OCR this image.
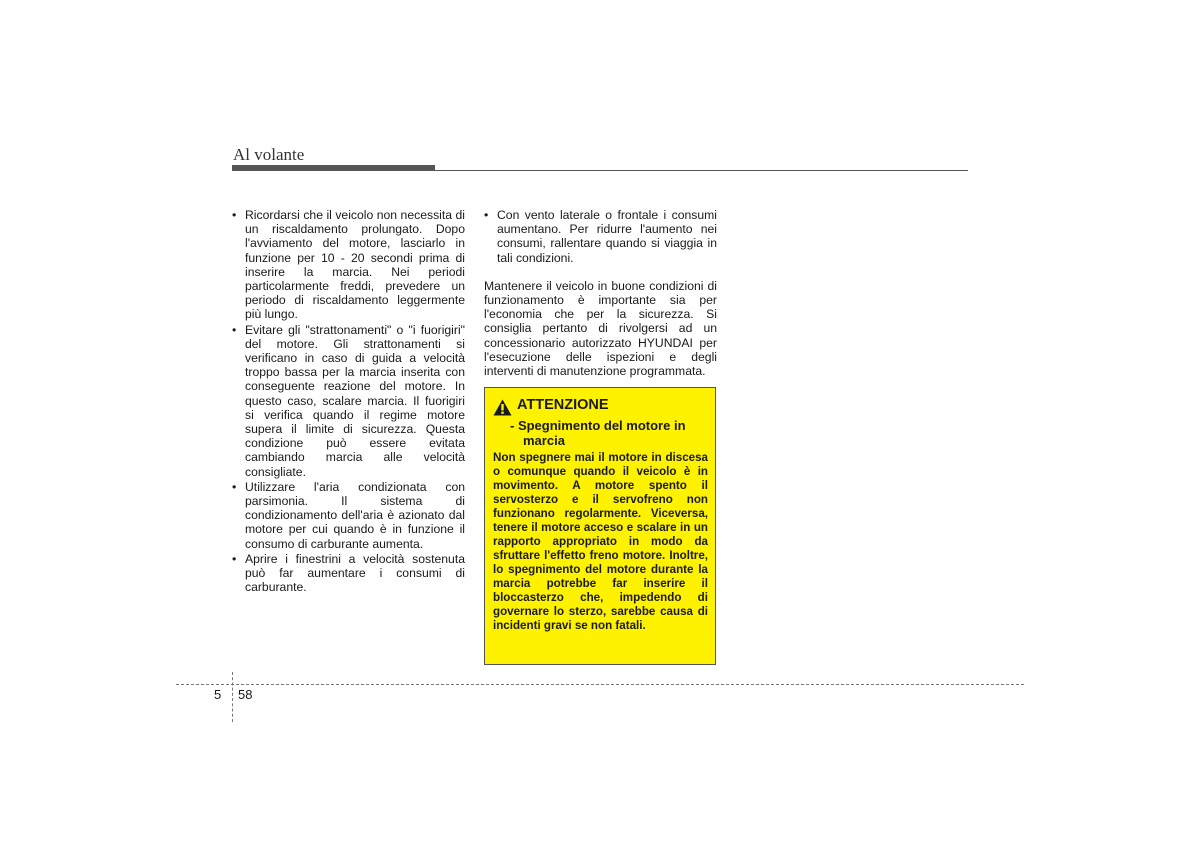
Al volante
• Ricordarsi che il veicolo non necessita di un riscaldamento prolungato. Dopo l'avviamento del motore, lasciarlo in funzione per 10 - 20 secondi prima di inserire la marcia. Nei periodi particolarmente freddi, prevedere un periodo di riscaldamento leggermente più lungo.
• Evitare gli "strattonamenti" o "i fuorigiri" del motore. Gli strattonamenti si verificano in caso di guida a velocità troppo bassa per la marcia inserita con conseguente reazione del motore. In questo caso, scalare marcia. Il fuorigiri si verifica quando il regime motore supera il limite di sicurezza. Questa condizione può essere evitata cambiando marcia alle velocità consigliate.
• Utilizzare l'aria condizionata con parsimonia. Il sistema di condizionamento dell'aria è azionato dal motore per cui quando è in funzione il consumo di carburante aumenta.
• Aprire i finestrini a velocità sostenuta può far aumentare i consumi di carburante.
• Con vento laterale o frontale i consumi aumentano. Per ridurre l'aumento nei consumi, rallentare quando si viaggia in tali condizioni.

Mantenere il veicolo in buone condizioni di funzionamento è importante sia per l'economia che per la sicurezza. Si consiglia pertanto di rivolgersi ad un concessionario autorizzato HYUNDAI per l'esecuzione delle ispezioni e degli interventi di manutenzione programmata.

ATTENZIONE
- Spegnimento del motore in marcia
Non spegnere mai il motore in discesa o comunque quando il veicolo è in movimento. A motore spento il servosterzo e il servofreno non funzionano regolarmente. Viceversa, tenere il motore acceso e scalare in un rapporto appropriato in modo da sfruttare l'effetto freno motore. Inoltre, lo spegnimento del motore durante la marcia potrebbe far inserire il bloccasterzo che, impedendo di governare lo sterzo, sarebbe causa di incidenti gravi se non fatali.
5 58
